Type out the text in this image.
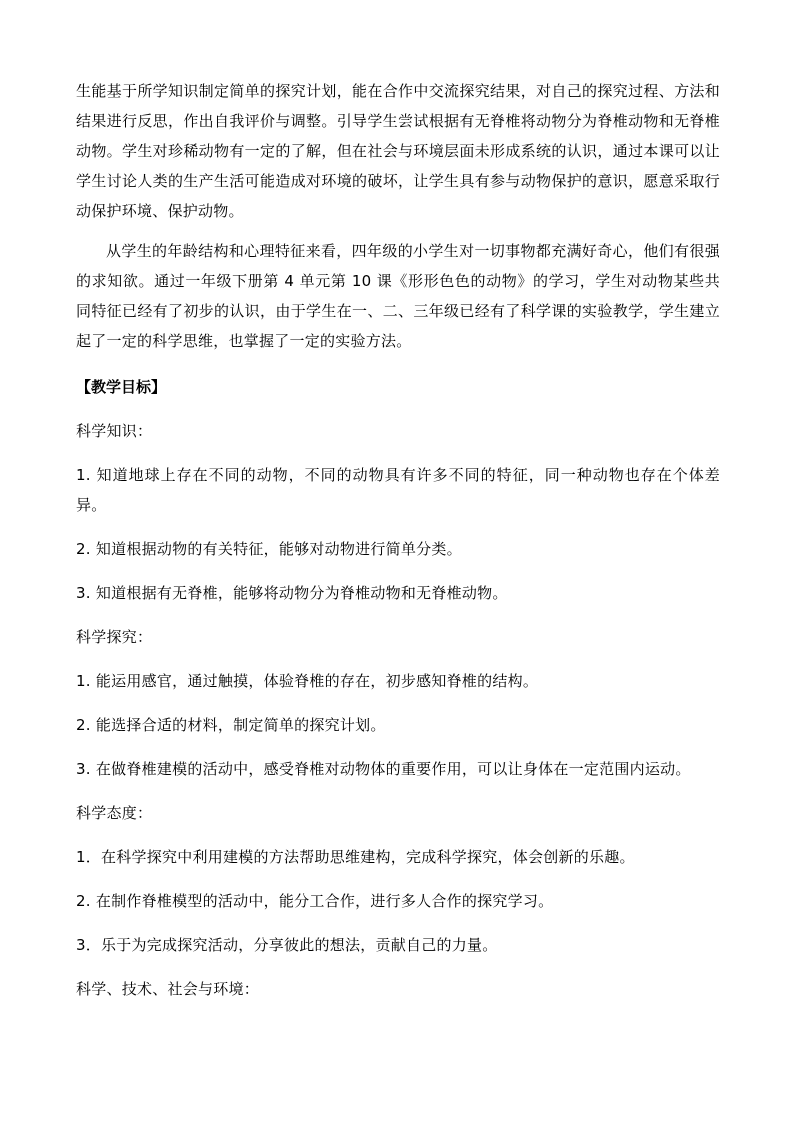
生能基于所学知识制定简单的探究计划，能在合作中交流探究结果，对自己的探究过程、方法和结果进行反思，作出自我评价与调整。引导学生尝试根据有无脊椎将动物分为脊椎动物和无脊椎动物。学生对珍稀动物有一定的了解，但在社会与环境层面未形成系统的认识，通过本课可以让学生讨论人类的生产生活可能造成对环境的破坏，让学生具有参与动物保护的意识，愿意采取行动保护环境、保护动物。

从学生的年龄结构和心理特征来看，四年级的小学生对一切事物都充满好奇心，他们有很强的求知欲。通过一年级下册第 4 单元第 10 课《形形色色的动物》的学习，学生对动物某些共同特征已经有了初步的认识，由于学生在一、二、三年级已经有了科学课的实验教学，学生建立起了一定的科学思维，也掌握了一定的实验方法。

【教学目标】

科学知识：

1. 知道地球上存在不同的动物，不同的动物具有许多不同的特征，同一种动物也存在个体差异。

2. 知道根据动物的有关特征，能够对动物进行简单分类。

3. 知道根据有无脊椎，能够将动物分为脊椎动物和无脊椎动物。

科学探究：

1. 能运用感官，通过触摸，体验脊椎的存在，初步感知脊椎的结构。

2. 能选择合适的材料，制定简单的探究计划。

3. 在做脊椎建模的活动中，感受脊椎对动物体的重要作用，可以让身体在一定范围内运动。

科学态度：

1．在科学探究中利用建模的方法帮助思维建构，完成科学探究，体会创新的乐趣。

2. 在制作脊椎模型的活动中，能分工合作，进行多人合作的探究学习。

3．乐于为完成探究活动，分享彼此的想法，贡献自己的力量。

科学、技术、社会与环境：
